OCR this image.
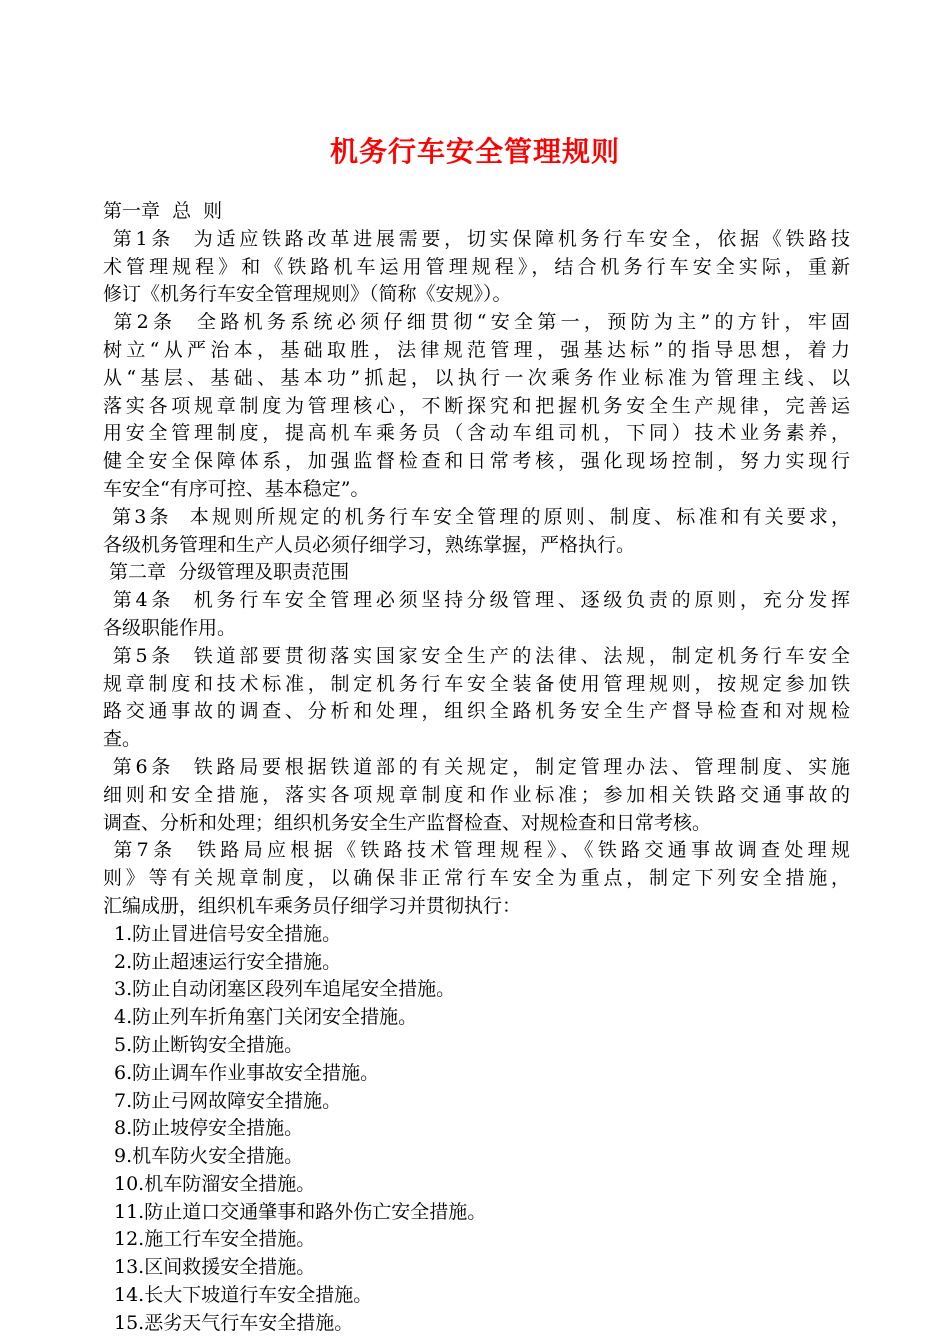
机务行车安全管理规则
第一章  总  则
第1条  为适应铁路改革进展需要，切实保障机务行车安全，依据《铁路技
术管理规程》和《铁路机车运用管理规程》，结合机务行车安全实际，重新
修订《机务行车安全管理规则》（简称《安规》）。
第2条  全路机务系统必须仔细贯彻“安全第一，预防为主”的方针，牢固
树立“从严治本，基础取胜，法律规范管理，强基达标”的指导思想，着力
从“基层、基础、基本功”抓起，以执行一次乘务作业标准为管理主线、以
落实各项规章制度为管理核心，不断探究和把握机务安全生产规律，完善运
用安全管理制度，提高机车乘务员（含动车组司机，下同）技术业务素养，
健全安全保障体系，加强监督检查和日常考核，强化现场控制，努力实现行
车安全“有序可控、基本稳定”。
第3条  本规则所规定的机务行车安全管理的原则、制度、标准和有关要求，
各级机务管理和生产人员必须仔细学习，熟练掌握，严格执行。
第二章  分级管理及职责范围
第4条  机务行车安全管理必须坚持分级管理、逐级负责的原则，充分发挥
各级职能作用。
第5条  铁道部要贯彻落实国家安全生产的法律、法规，制定机务行车安全
规章制度和技术标准，制定机务行车安全装备使用管理规则，按规定参加铁
路交通事故的调查、分析和处理，组织全路机务安全生产督导检查和对规检
查。
第6条  铁路局要根据铁道部的有关规定，制定管理办法、管理制度、实施
细则和安全措施，落实各项规章制度和作业标准；参加相关铁路交通事故的
调查、分析和处理；组织机务安全生产监督检查、对规检查和日常考核。
第7条  铁路局应根据《铁路技术管理规程》、《铁路交通事故调查处理规
则》等有关规章制度，以确保非正常行车安全为重点，制定下列安全措施，
汇编成册，组织机车乘务员仔细学习并贯彻执行：
1.防止冒进信号安全措施。
2.防止超速运行安全措施。
3.防止自动闭塞区段列车追尾安全措施。
4.防止列车折角塞门关闭安全措施。
5.防止断钩安全措施。
6.防止调车作业事故安全措施。
7.防止弓网故障安全措施。
8.防止坡停安全措施。
9.机车防火安全措施。
10.机车防溜安全措施。
11.防止道口交通肇事和路外伤亡安全措施。
12.施工行车安全措施。
13.区间救援安全措施。
14.长大下坡道行车安全措施。
15.恶劣天气行车安全措施。
